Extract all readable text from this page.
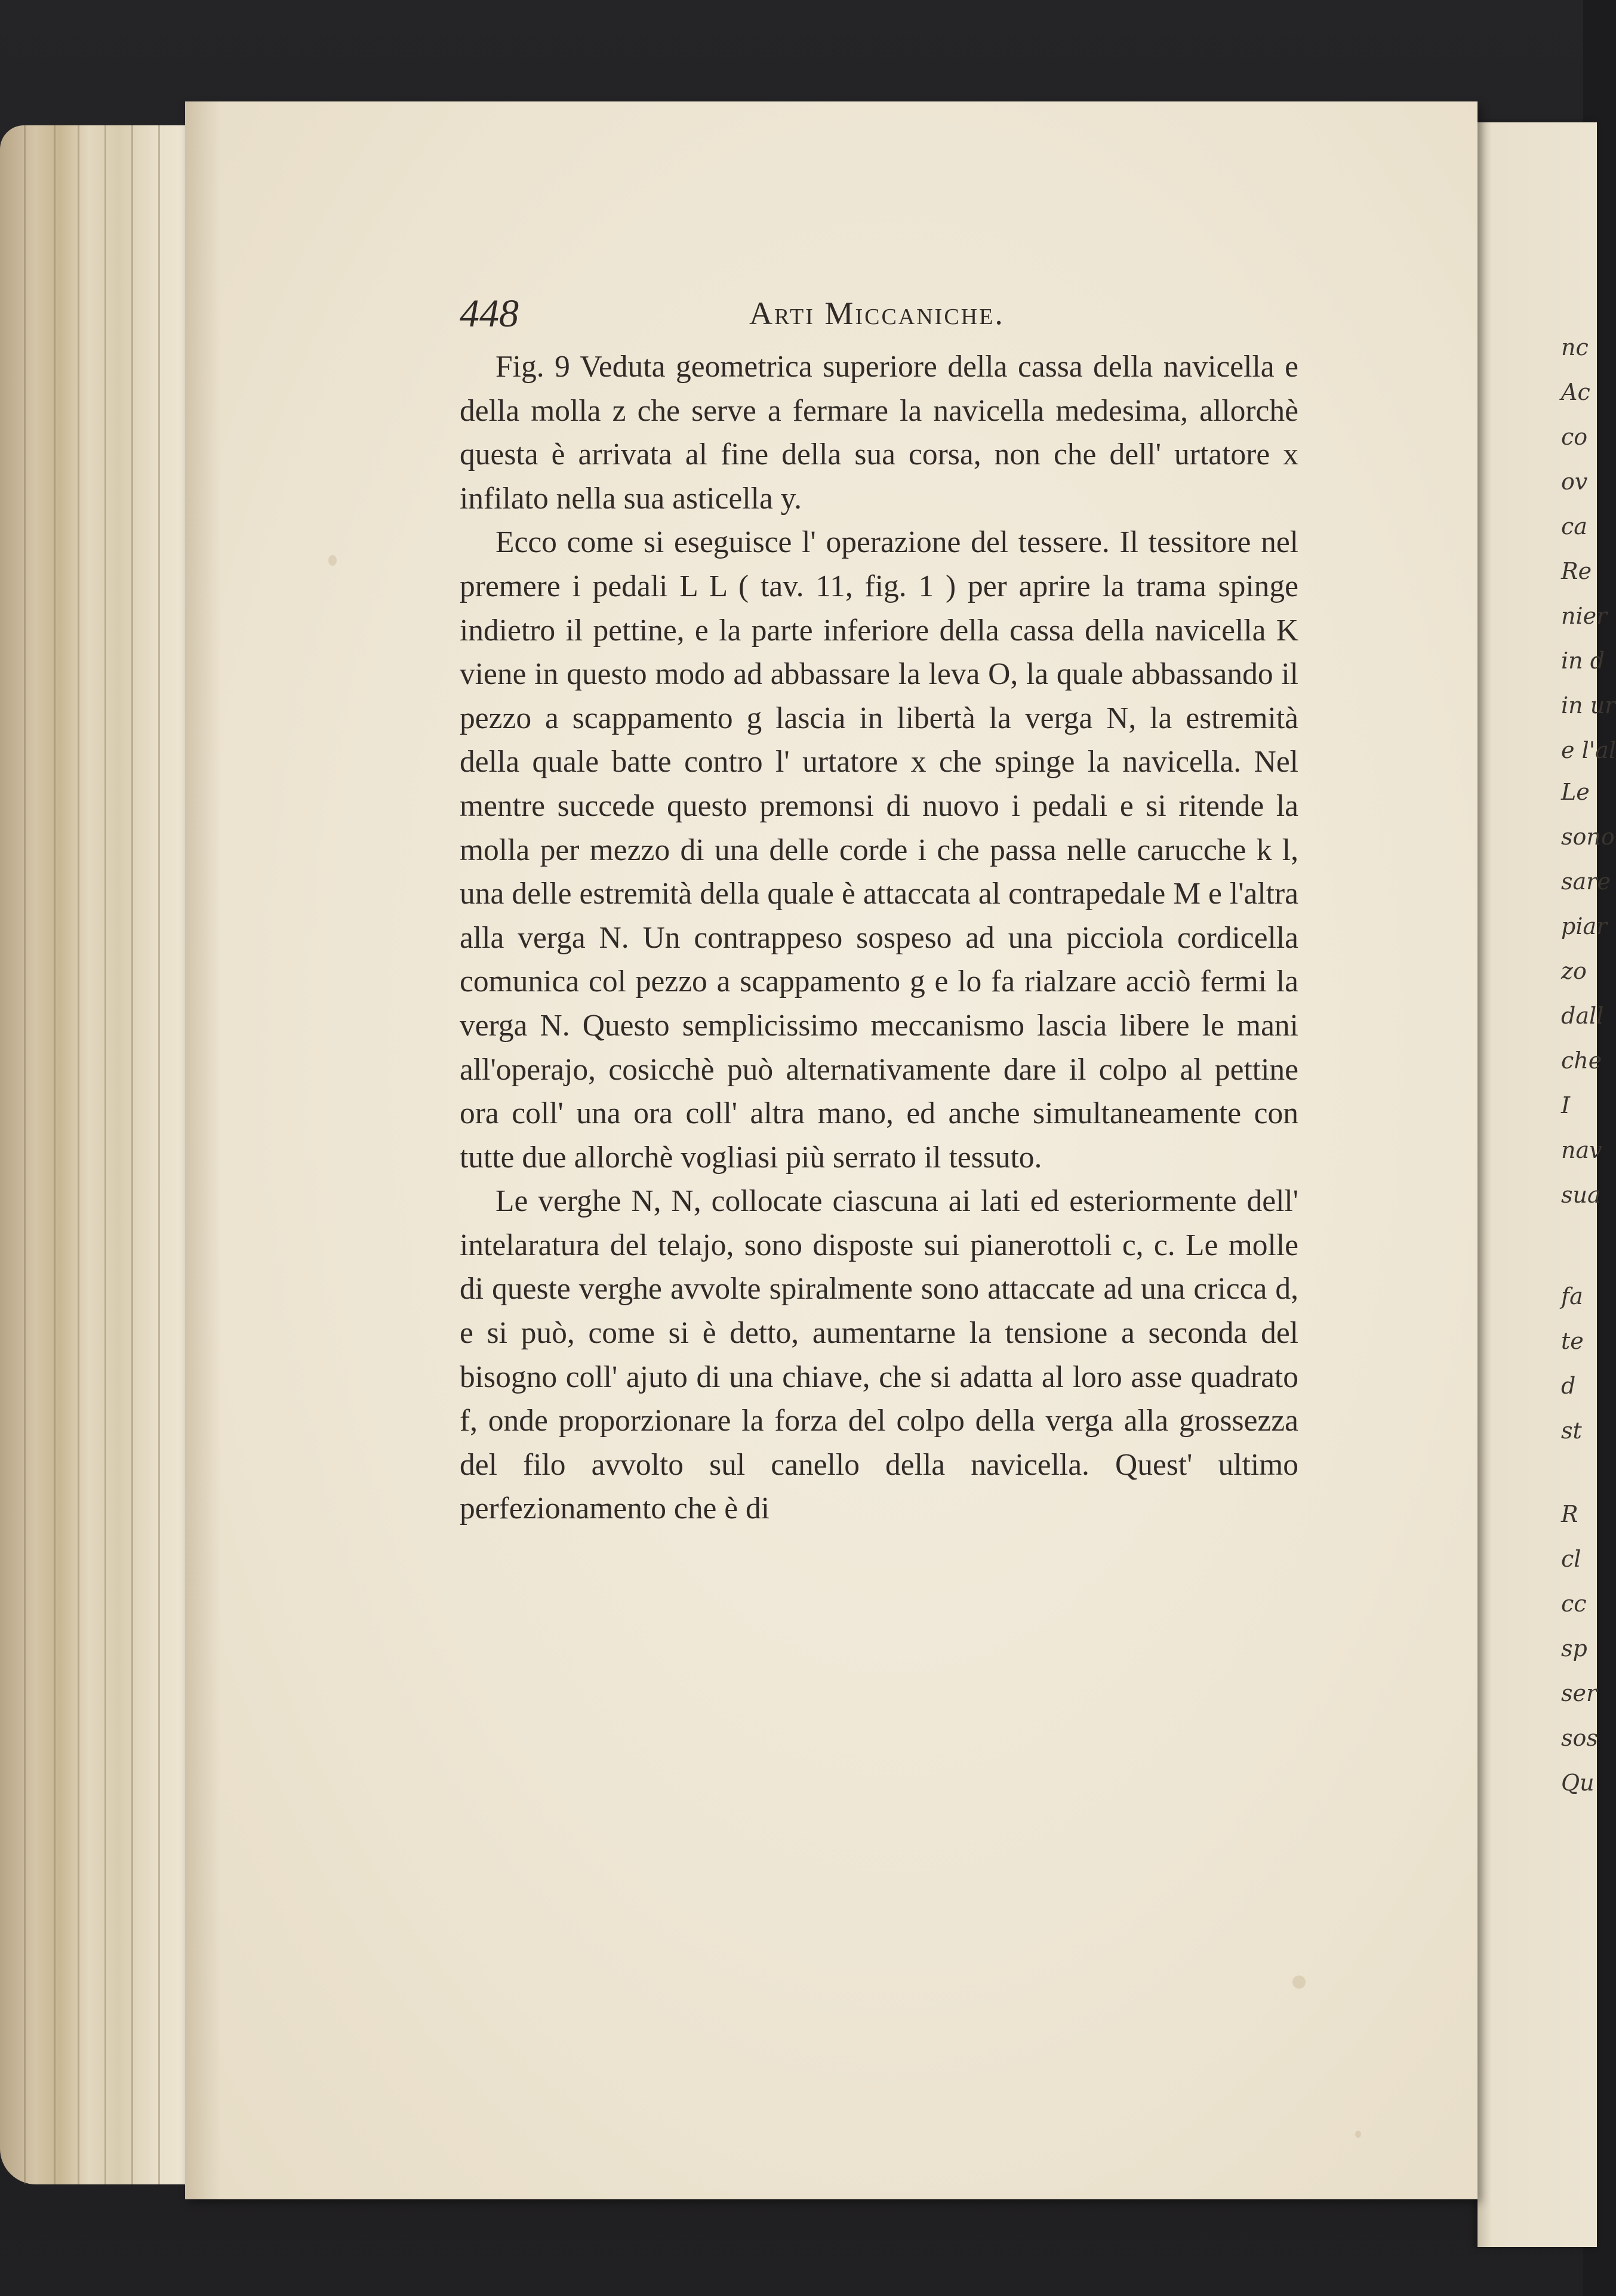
nc
Ac
co
ov
ca
Re
nier
in d
in ur
e l'al
Le
sono
sare
piar
zo
dall
che
I
nav
sua
fa
te
d
st
R
cl
cc
sp
ser
sos
Qu
448	Arti Miccaniche.

Fig. 9 Veduta geometrica superiore della cassa della navicella e della molla z che serve a fermare la navicella medesima, allorchè questa è arrivata al fine della sua corsa, non che dell' urtatore x infilato nella sua asticella y.

Ecco come si eseguisce l' operazione del tessere. Il tessitore nel premere i pedali L L ( tav. 11, fig. 1 ) per aprire la trama spinge indietro il pettine, e la parte inferiore della cassa della navicella K viene in questo modo ad abbassare la leva O, la quale abbassando il pezzo a scappamento g lascia in libertà la verga N, la estremità della quale batte contro l' urtatore x che spinge la navicella. Nel mentre succede questo premonsi di nuovo i pedali e si ritende la molla per mezzo di una delle corde i che passa nelle carucche k l, una delle estremità della quale è attaccata al contrapedale M e l'altra alla verga N. Un contrappeso sospeso ad una picciola cordicella comunica col pezzo a scappamento g e lo fa rialzare acciò fermi la verga N. Questo semplicissimo meccanismo lascia libere le mani all'operajo, cosicchè può alternativamente dare il colpo al pettine ora coll' una ora coll' altra mano, ed anche simultaneamente con tutte due allorchè vogliasi più serrato il tessuto.

Le verghe N, N, collocate ciascuna ai lati ed esteriormente dell' intelaratura del telajo, sono disposte sui pianerottoli c, c. Le molle di queste verghe avvolte spiralmente sono attaccate ad una cricca d, e si può, come si è detto, aumentarne la tensione a seconda del bisogno coll' ajuto di una chiave, che si adatta al loro asse quadrato f, onde proporzionare la forza del colpo della verga alla grossezza del filo avvolto sul canello della navicella. Quest' ultimo perfezionamento che è di
